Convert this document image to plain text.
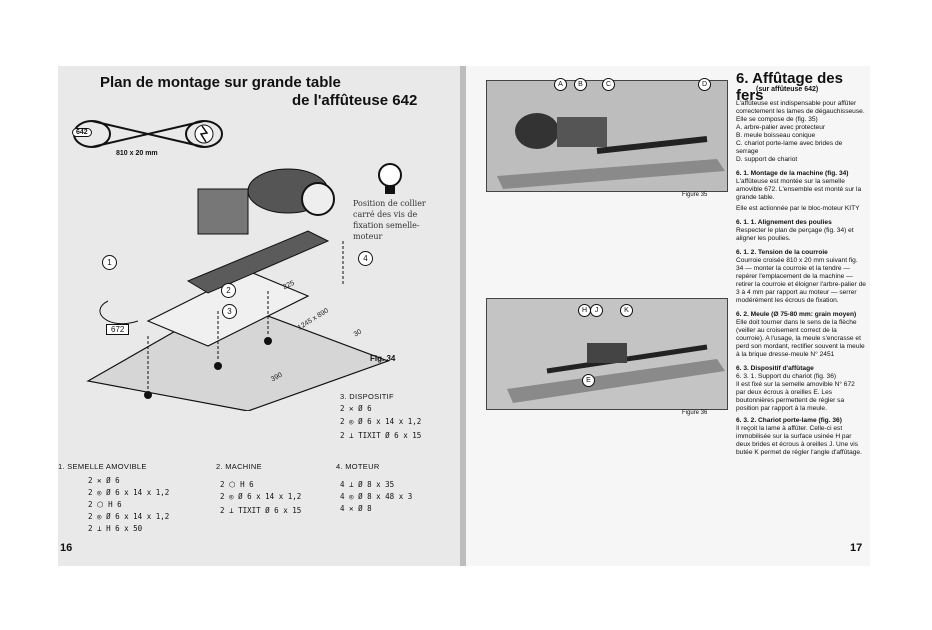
Plan de montage sur grande table
de l'affûteuse 642
642
810 x 20 mm
Position de collier carré des vis de fixation semelle-moteur
1
2
3
4
672
225
1245 x 890
30
390
Fig. 34
3. DISPOSITIF
2 ✕ Ø 6
2 ◎ Ø 6 x 14 x 1,2
2 ⊥ TIXIT Ø 6 x 15
1. SEMELLE AMOVIBLE
2 ✕ Ø 6
2 ◎ Ø 6 x 14 x 1,2
2 ⬡ H 6
2 ◎ Ø 6 x 14 x 1,2
2 ⊥ H 6 x 50
2. MACHINE
2 ⬡ H 6
2 ◎ Ø 6 x 14 x 1,2
2 ⊥ TIXIT Ø 6 x 15
4. MOTEUR
4 ⊥ Ø 8 x 35
4 ◎ Ø 8 x 48 x 3
4 ✕ Ø 8
16
A	B	C	D
Figure 35
H	J	K
E
Figure 36
6. Affûtage des fers
(sur affûteuse 642)
L'affûteuse est indispensable pour affûter correctement les lames de dégauchisseuse. Elle se compose de (fig. 35)
A. arbre-palier avec protecteur
B. meule boisseau conique
C. chariot porte-lame avec brides de serrage
D. support de chariot
6. 1. Montage de la machine (fig. 34)
L'affûteuse est montée sur la semelle amovible 672. L'ensemble est monté sur la grande table.
Elle est actionnée par le bloc-moteur KITY
6. 1. 1. Alignement des poulies
Respecter le plan de perçage (fig. 34) et aligner les poulies.
6. 1. 2. Tension de la courroie
Courroie croisée 810 x 20 mm suivant fig. 34 — monter la courroie et la tendre — repérer l'emplacement de la machine — retirer la courroie et éloigner l'arbre-palier de 3 à 4 mm par rapport au moteur — serrer modérément les écrous de fixation.
6. 2. Meule (Ø 75-80 mm: grain moyen)
Elle doit tourner dans le sens de la flèche (veiller au croisement correct de la courroie). A l'usage, la meule s'encrasse et perd son mordant, rectifier souvent la meule à la brique dresse-meule N° 2451
6. 3. Dispositif d'affûtage
6. 3. 1. Support du chariot (fig. 36)
Il est fixé sur la semelle amovible N° 672 par deux écrous à oreilles E. Les boutonnières permettent de régler sa position par rapport à la meule.
6. 3. 2. Chariot porte-lame (fig. 36)
Il reçoit la lame à affûter. Celle-ci est immobilisée sur la surface usinée H par deux brides et écrous à oreilles J. Une vis butée K permet de régler l'angle d'affûtage.
17
